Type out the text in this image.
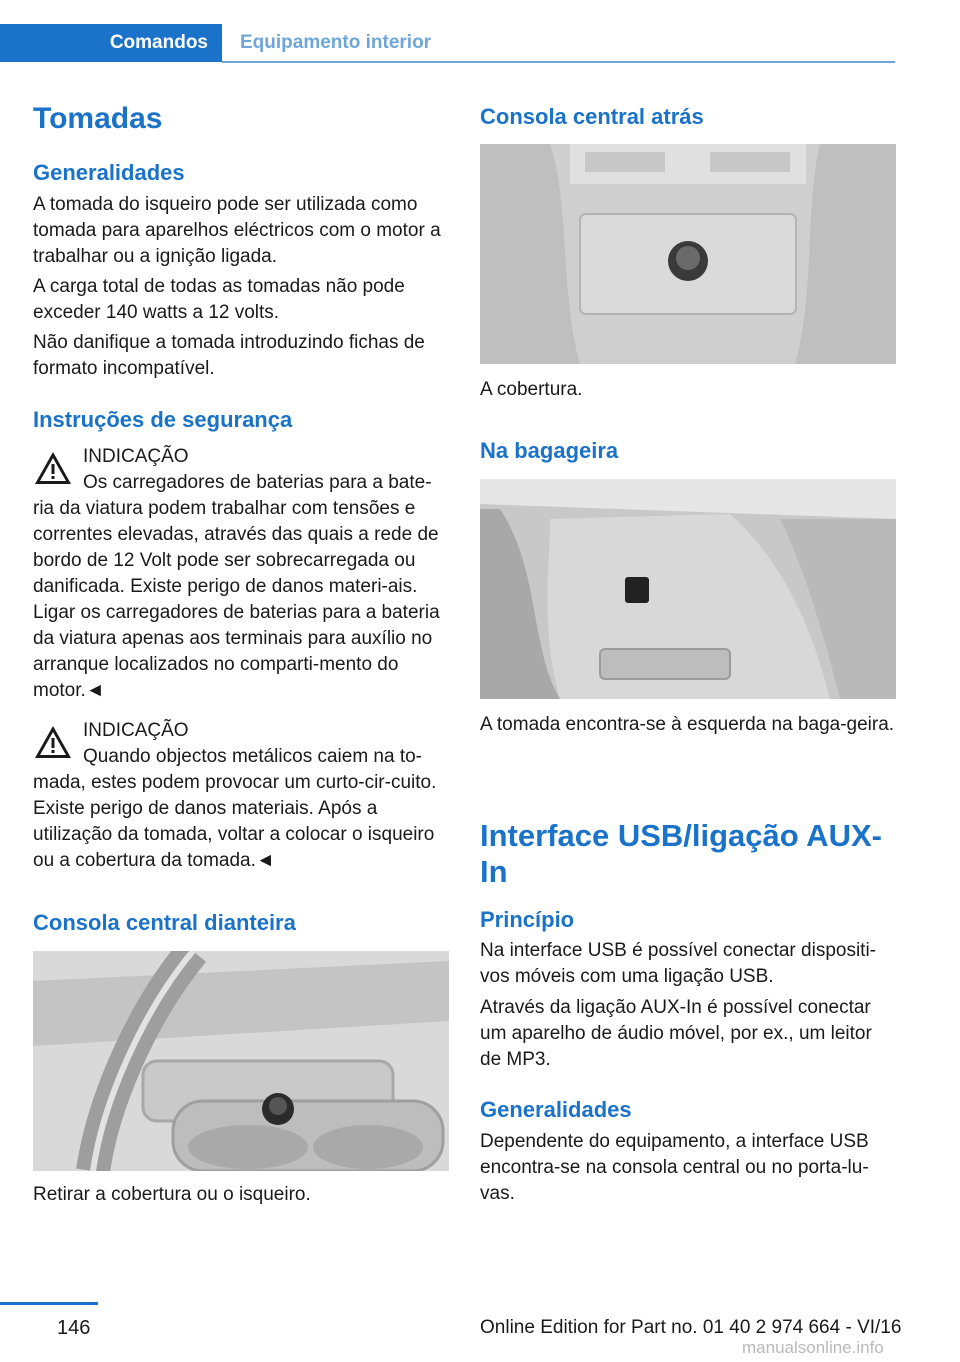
Comandos	Equipamento interior
Tomadas
Generalidades

A tomada do isqueiro pode ser utilizada como tomada para aparelhos eléctricos com o motor a trabalhar ou a ignição ligada.

A carga total de todas as tomadas não pode exceder 140 watts a 12 volts.

Não danifique a tomada introduzindo fichas de formato incompatível.

Instruções de segurança

INDICAÇÃO

Os carregadores de baterias para a bate-ria da viatura podem trabalhar com tensões e correntes elevadas, através das quais a rede de bordo de 12 Volt pode ser sobrecarregada ou danificada. Existe perigo de danos materi-ais. Ligar os carregadores de baterias para a bateria da viatura apenas aos terminais para auxílio no arranque localizados no comparti-mento do motor.◄

INDICAÇÃO

Quando objectos metálicos caiem na to-mada, estes podem provocar um curto-cir-cuito. Existe perigo de danos materiais. Após a utilização da tomada, voltar a colocar o isqueiro ou a cobertura da tomada.◄

Consola central dianteira

Retirar a cobertura ou o isqueiro.

Consola central atrás

A cobertura.

Na bagageira

A tomada encontra-se à esquerda na baga-geira.

Interface USB/ligação AUX-In
Princípio

Na interface USB é possível conectar dispositi-vos móveis com uma ligação USB.

Através da ligação AUX-In é possível conectar um aparelho de áudio móvel, por ex., um leitor de MP3.

Generalidades

Dependente do equipamento, a interface USB encontra-se na consola central ou no porta-lu-vas.

146	Online Edition for Part no. 01 40 2 974 664 - VI/16
manualsonline.info
